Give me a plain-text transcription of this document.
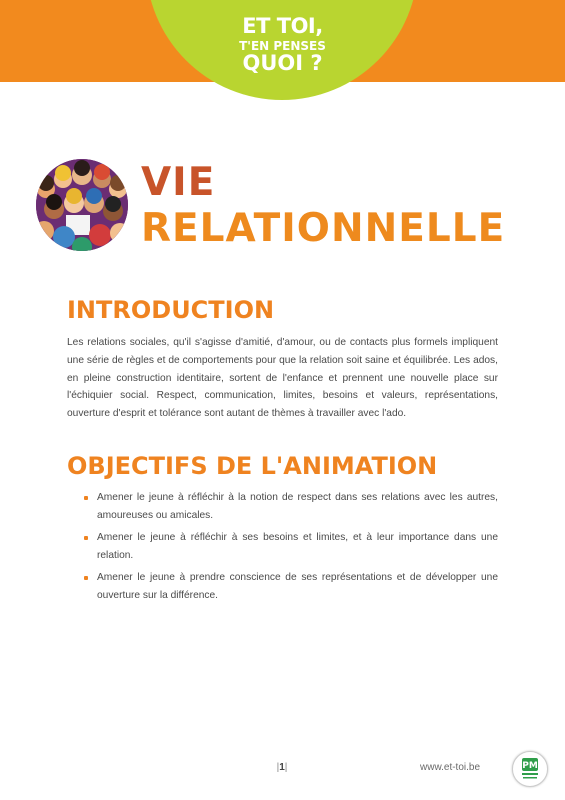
ET TOI,
T'EN PENSES
QUOI ?
VIE
RELATIONNELLE
INTRODUCTION

Les relations sociales, qu'il s'agisse d'amitié, d'amour, ou de contacts plus formels impliquent une série de règles et de comportements pour que la relation soit saine et équilibrée. Les ados, en pleine construction identitaire, sortent de l'enfance et prennent une nouvelle place sur l'échiquier social. Respect, communication, limites, besoins et valeurs, représentations, ouverture d'esprit et tolérance sont autant de thèmes à travailler avec l'ado.

OBJECTIFS DE L'ANIMATION
Amener le jeune à réfléchir à la notion de respect dans ses relations avec les autres, amoureuses ou amicales.
Amener le jeune à réfléchir à ses besoins et limites, et à leur importance dans une relation.
Amener le jeune à prendre conscience de ses représentations et de développer une ouverture sur la différence.
|1|	www.et-toi.be	PM
